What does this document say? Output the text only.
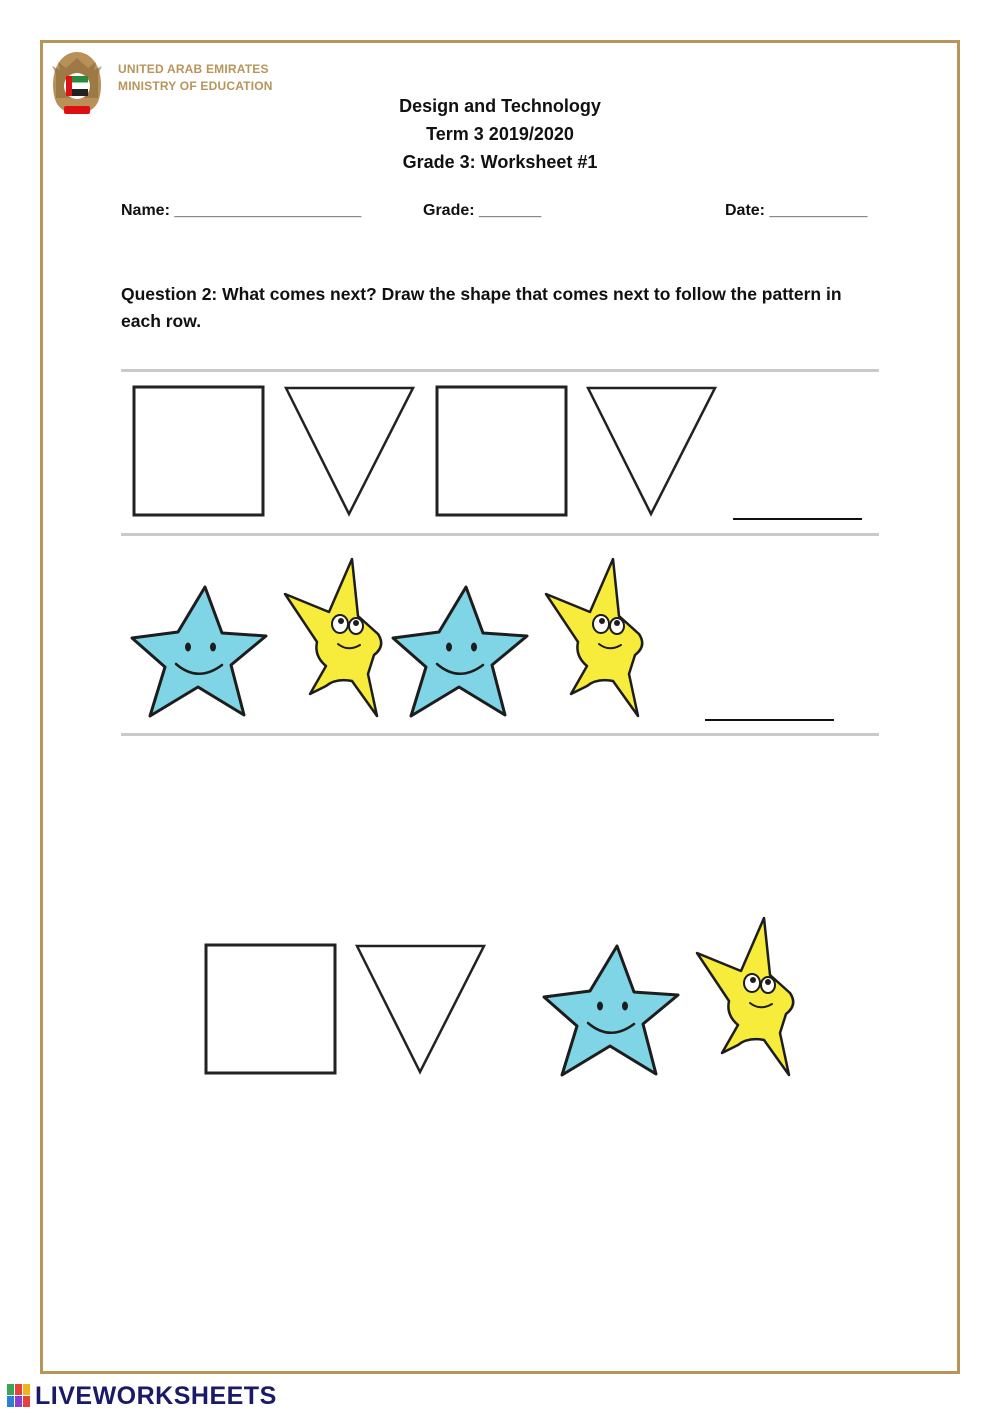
UNITED ARAB EMIRATES
MINISTRY OF EDUCATION
Design and Technology
Term 3 2019/2020
Grade 3: Worksheet #1
Name: _____________________	Grade: _______	Date: ___________
Question 2: What comes next? Draw the shape that comes next to follow the pattern in each row.
LIVEWORKSHEETS
